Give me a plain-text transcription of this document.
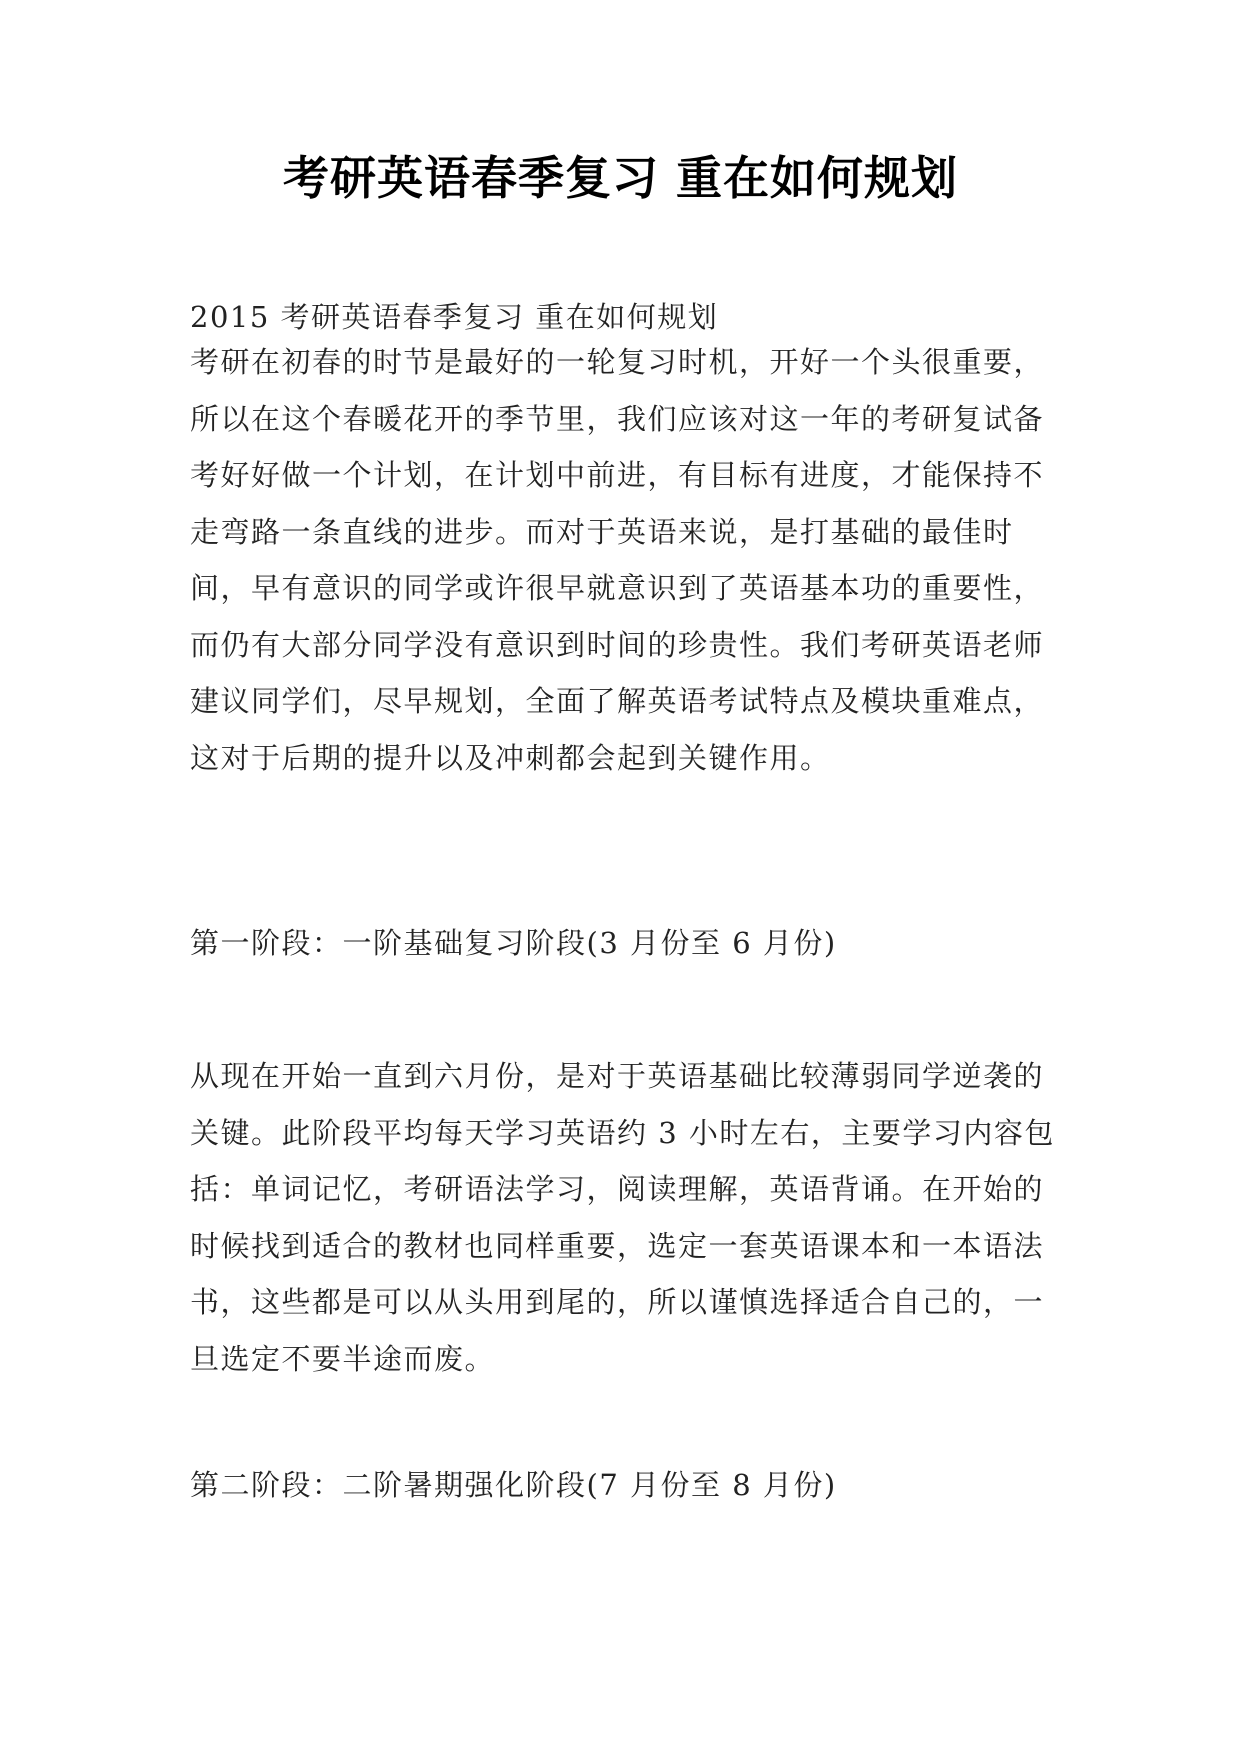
考研英语春季复习 重在如何规划

2015 考研英语春季复习 重在如何规划

考研在初春的时节是最好的一轮复习时机，开好一个头很重要，所以在这个春暖花开的季节里，我们应该对这一年的考研复试备考好好做一个计划，在计划中前进，有目标有进度，才能保持不走弯路一条直线的进步。而对于英语来说，是打基础的最佳时间，早有意识的同学或许很早就意识到了英语基本功的重要性，而仍有大部分同学没有意识到时间的珍贵性。我们考研英语老师建议同学们，尽早规划，全面了解英语考试特点及模块重难点，这对于后期的提升以及冲刺都会起到关键作用。

第一阶段：一阶基础复习阶段(3 月份至 6 月份)

从现在开始一直到六月份，是对于英语基础比较薄弱同学逆袭的关键。此阶段平均每天学习英语约 3 小时左右，主要学习内容包括：单词记忆，考研语法学习，阅读理解，英语背诵。在开始的时候找到适合的教材也同样重要，选定一套英语课本和一本语法书，这些都是可以从头用到尾的，所以谨慎选择适合自己的，一旦选定不要半途而废。

第二阶段：二阶暑期强化阶段(7 月份至 8 月份)
